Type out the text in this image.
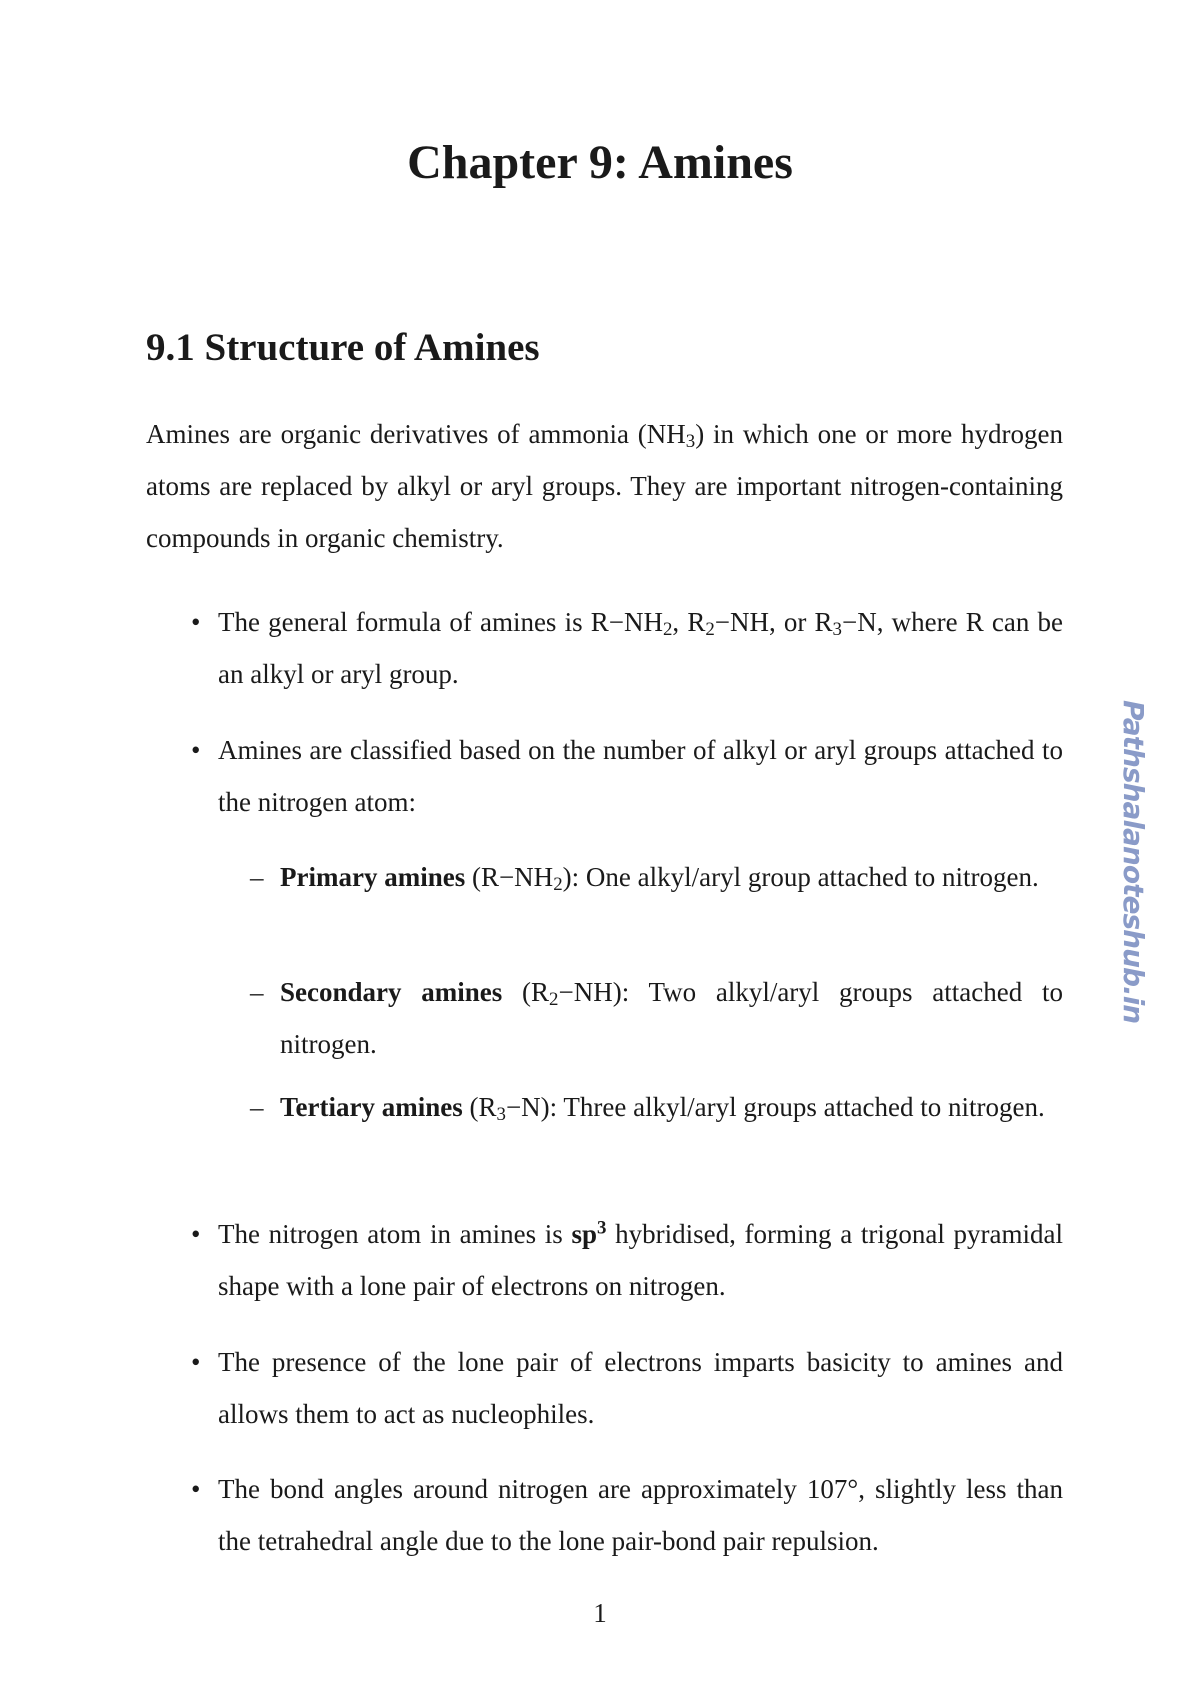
Chapter 9: Amines
9.1 Structure of Amines
Amines are organic derivatives of ammonia $(NH_3)$ in which one or more hydrogen atoms are replaced by alkyl or aryl groups. They are important nitrogen-containing compounds in organic chemistry.
• The general formula of amines is $R-NH_2$, $R_2-NH$, or $R_3-N$, where R can be an alkyl or aryl group.
• Amines are classified based on the number of alkyl or aryl groups attached to the nitrogen atom:
– Primary amines $(R-NH_2)$: One alkyl/aryl group attached to nitrogen.
– Secondary amines $(R_2-NH)$: Two alkyl/aryl groups attached to nitrogen.
– Tertiary amines $(R_3-N)$: Three alkyl/aryl groups attached to nitrogen.
• The nitrogen atom in amines is $sp^3$ hybridised, forming a trigonal pyramidal shape with a lone pair of electrons on nitrogen.
• The presence of the lone pair of electrons imparts basicity to amines and allows them to act as nucleophiles.
• The bond angles around nitrogen are approximately 107°, slightly less than the tetrahedral angle due to the lone pair-bond pair repulsion.
Pathshalanoteshub.in
1
